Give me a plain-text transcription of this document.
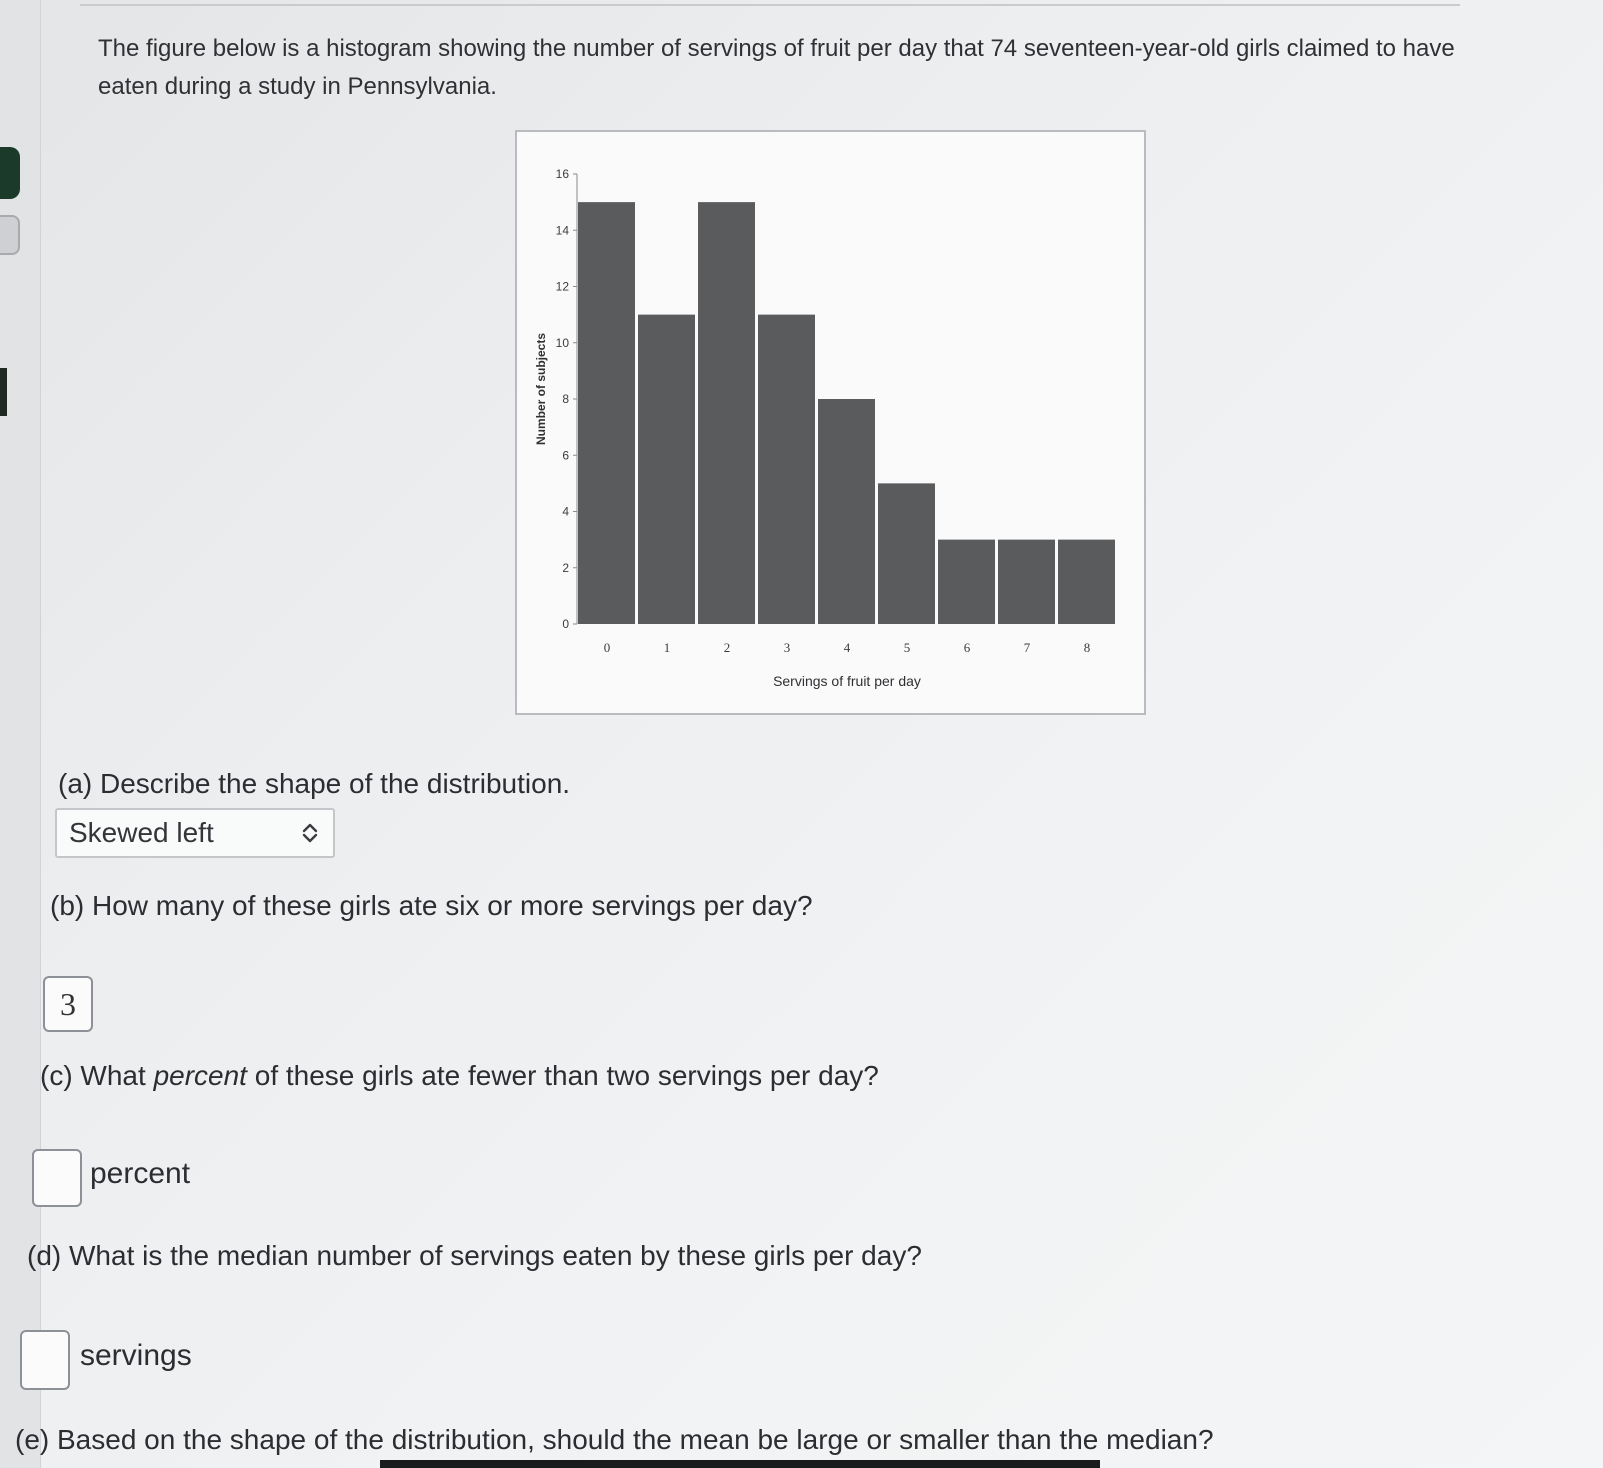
The figure below is a histogram showing the number of servings of fruit per day that 74 seventeen-year-old girls claimed to have eaten during a study in Pennsylvania.

0
2
4
6
8
10
12
14
16
0	1	2	3	4	5	6	7	8
Servings of fruit per day
Number of subjects

(a) Describe the shape of the distribution.

Skewed left

(b) How many of these girls ate six or more servings per day?

3

(c) What percent of these girls ate fewer than two servings per day?

percent

(d) What is the median number of servings eaten by these girls per day?

servings

(e) Based on the shape of the distribution, should the mean be large or smaller than the median?
